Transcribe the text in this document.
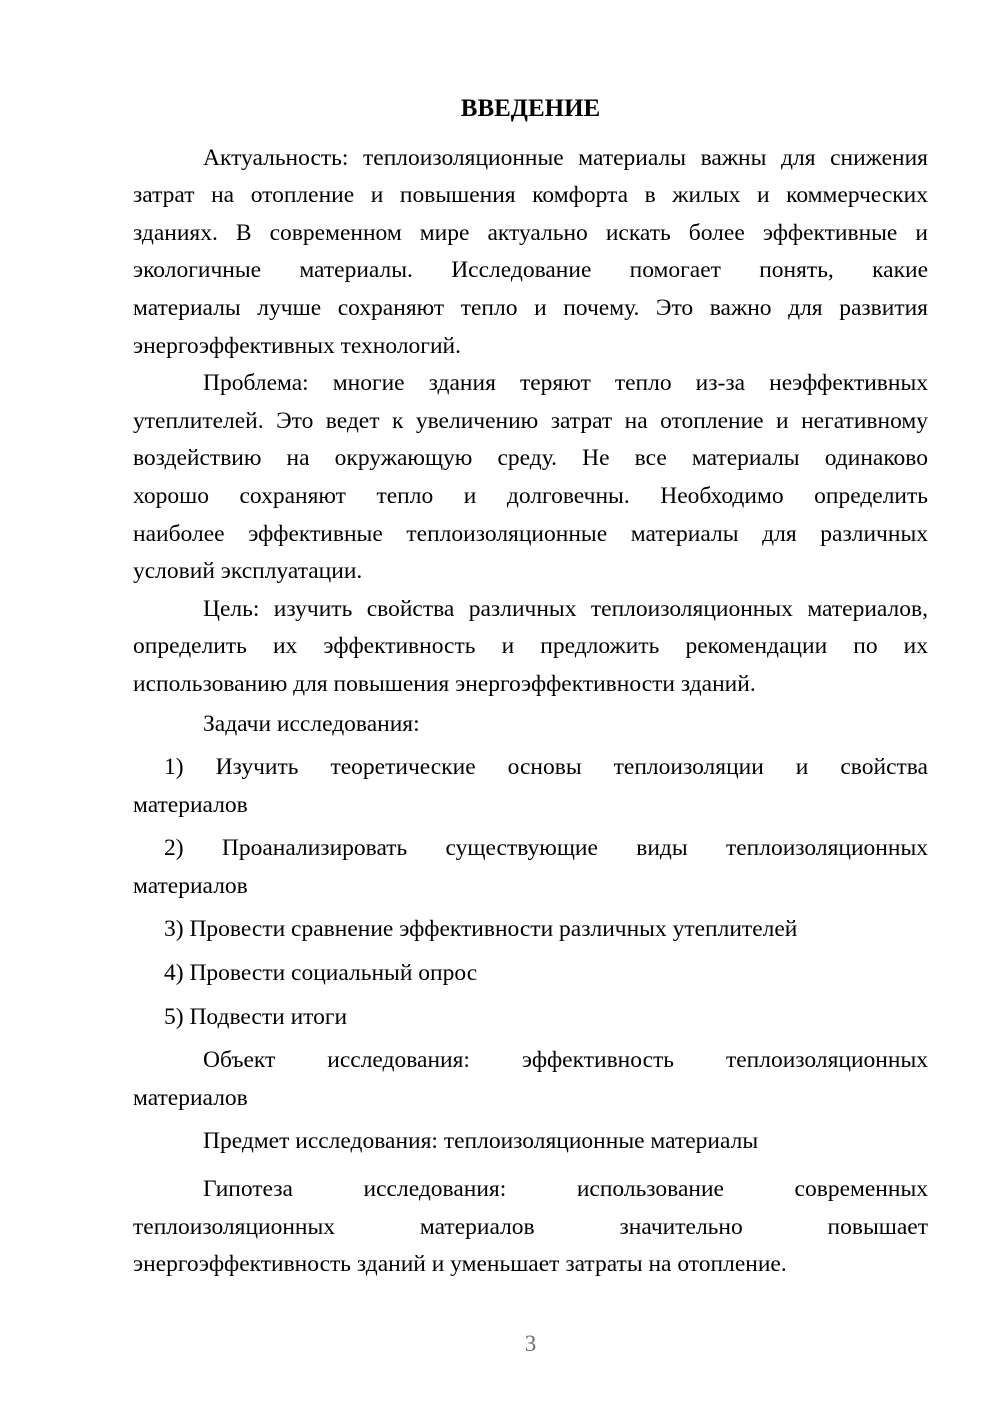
ВВЕДЕНИЕ
Актуальность: теплоизоляционные материалы важны для снижения
затрат на отопление и повышения комфорта в жилых и коммерческих
зданиях. В современном мире актуально искать более эффективные и
экологичные материалы. Исследование помогает понять, какие
материалы лучше сохраняют тепло и почему. Это важно для развития
энергоэффективных технологий.
Проблема: многие здания теряют тепло из-за неэффективных
утеплителей. Это ведет к увеличению затрат на отопление и негативному
воздействию на окружающую среду. Не все материалы одинаково
хорошо сохраняют тепло и долговечны. Необходимо определить
наиболее эффективные теплоизоляционные материалы для различных
условий эксплуатации.
Цель: изучить свойства различных теплоизоляционных материалов,
определить их эффективность и предложить рекомендации по их
использованию для повышения энергоэффективности зданий.
Задачи исследования:
1) Изучить теоретические основы теплоизоляции и свойства
материалов
2) Проанализировать существующие виды теплоизоляционных
материалов
3) Провести сравнение эффективности различных утеплителей
4) Провести социальный опрос
5) Подвести итоги
Объект исследования: эффективность теплоизоляционных
материалов
Предмет исследования: теплоизоляционные материалы
Гипотеза исследования: использование современных
теплоизоляционных материалов значительно повышает
энергоэффективность зданий и уменьшает затраты на отопление.
3
